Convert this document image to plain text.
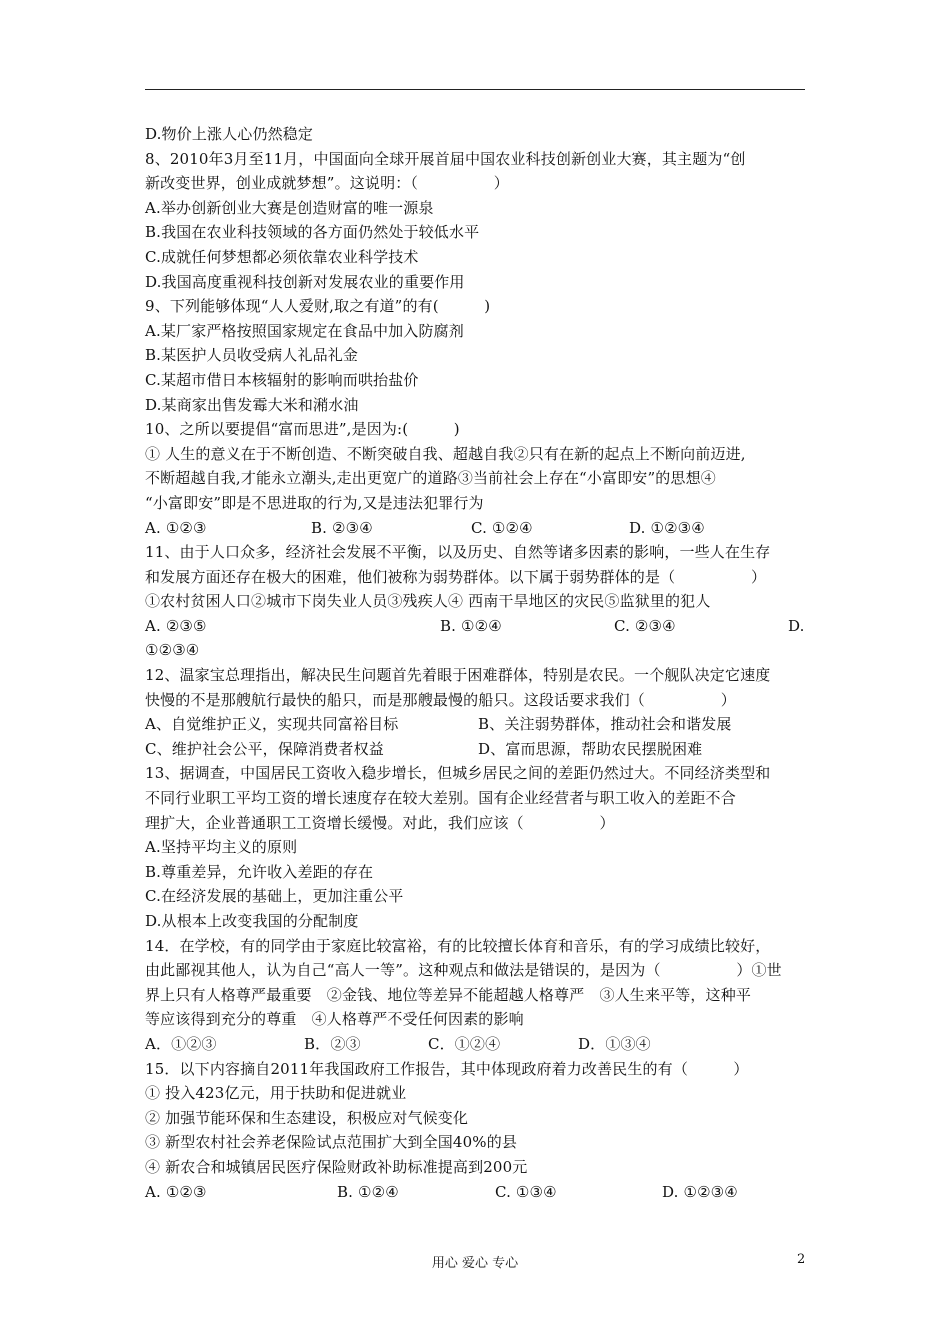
D.物价上涨人心仍然稳定
8、2010年3月至11月，中国面向全球开展首届中国农业科技创新创业大赛，其主题为“创
新改变世界，创业成就梦想”。这说明：（　　　　　）
A.举办创新创业大赛是创造财富的唯一源泉
B.我国在农业科技领域的各方面仍然处于较低水平
C.成就任何梦想都必须依靠农业科学技术
D.我国高度重视科技创新对发展农业的重要作用
9、下列能够体现“人人爱财,取之有道”的有(　　　)
A.某厂家严格按照国家规定在食品中加入防腐剂
B.某医护人员收受病人礼品礼金
C.某超市借日本核辐射的影响而哄抬盐价
D.某商家出售发霉大米和潲水油
10、之所以要提倡“富而思进”,是因为:(　　　)
① 人生的意义在于不断创造、不断突破自我、超越自我②只有在新的起点上不断向前迈进,
不断超越自我,才能永立潮头,走出更宽广的道路③当前社会上存在“小富即安”的思想④
“小富即安”即是不思进取的行为,又是违法犯罪行为
A. ①②③	B. ②③④	C. ①②④	D. ①②③④
11、由于人口众多，经济社会发展不平衡，以及历史、自然等诸多因素的影响，一些人在生存
和发展方面还存在极大的困难，他们被称为弱势群体。以下属于弱势群体的是（　　　　　）
①农村贫困人口②城市下岗失业人员③残疾人④ 西南干旱地区的灾民⑤监狱里的犯人
A. ②③⑤	B. ①②④	C. ②③④	D.
①②③④
12、温家宝总理指出，解决民生问题首先着眼于困难群体，特别是农民。一个舰队决定它速度
快慢的不是那艘航行最快的船只，而是那艘最慢的船只。这段话要求我们（　　　　　）
A、自觉维护正义，实现共同富裕目标	B、关注弱势群体，推动社会和谐发展
C、维护社会公平，保障消费者权益	D、富而思源，帮助农民摆脱困难
13、据调查，中国居民工资收入稳步增长，但城乡居民之间的差距仍然过大。不同经济类型和
不同行业职工平均工资的增长速度存在较大差别。国有企业经营者与职工收入的差距不合
理扩大，企业普通职工工资增长缓慢。对此，我们应该（　　　　　）
A.坚持平均主义的原则
B.尊重差异，允许收入差距的存在
C.在经济发展的基础上，更加注重公平
D.从根本上改变我国的分配制度
14．在学校，有的同学由于家庭比较富裕，有的比较擅长体育和音乐，有的学习成绩比较好，
由此鄙视其他人，认为自己“高人一等”。这种观点和做法是错误的，是因为（　　　　　）①世
界上只有人格尊严最重要　②金钱、地位等差异不能超越人格尊严　③人生来平等，这种平
等应该得到充分的尊重　④人格尊严不受任何因素的影响
A．①②③	B．②③	C．①②④	D．①③④
15．以下内容摘自2011年我国政府工作报告，其中体现政府着力改善民生的有（　　　）
① 投入423亿元，用于扶助和促进就业
② 加强节能环保和生态建设，积极应对气候变化
③ 新型农村社会养老保险试点范围扩大到全国40%的县
④ 新农合和城镇居民医疗保险财政补助标准提高到200元
A. ①②③	B. ①②④	C. ①③④	D. ①②③④
用心 爱心 专心	2
